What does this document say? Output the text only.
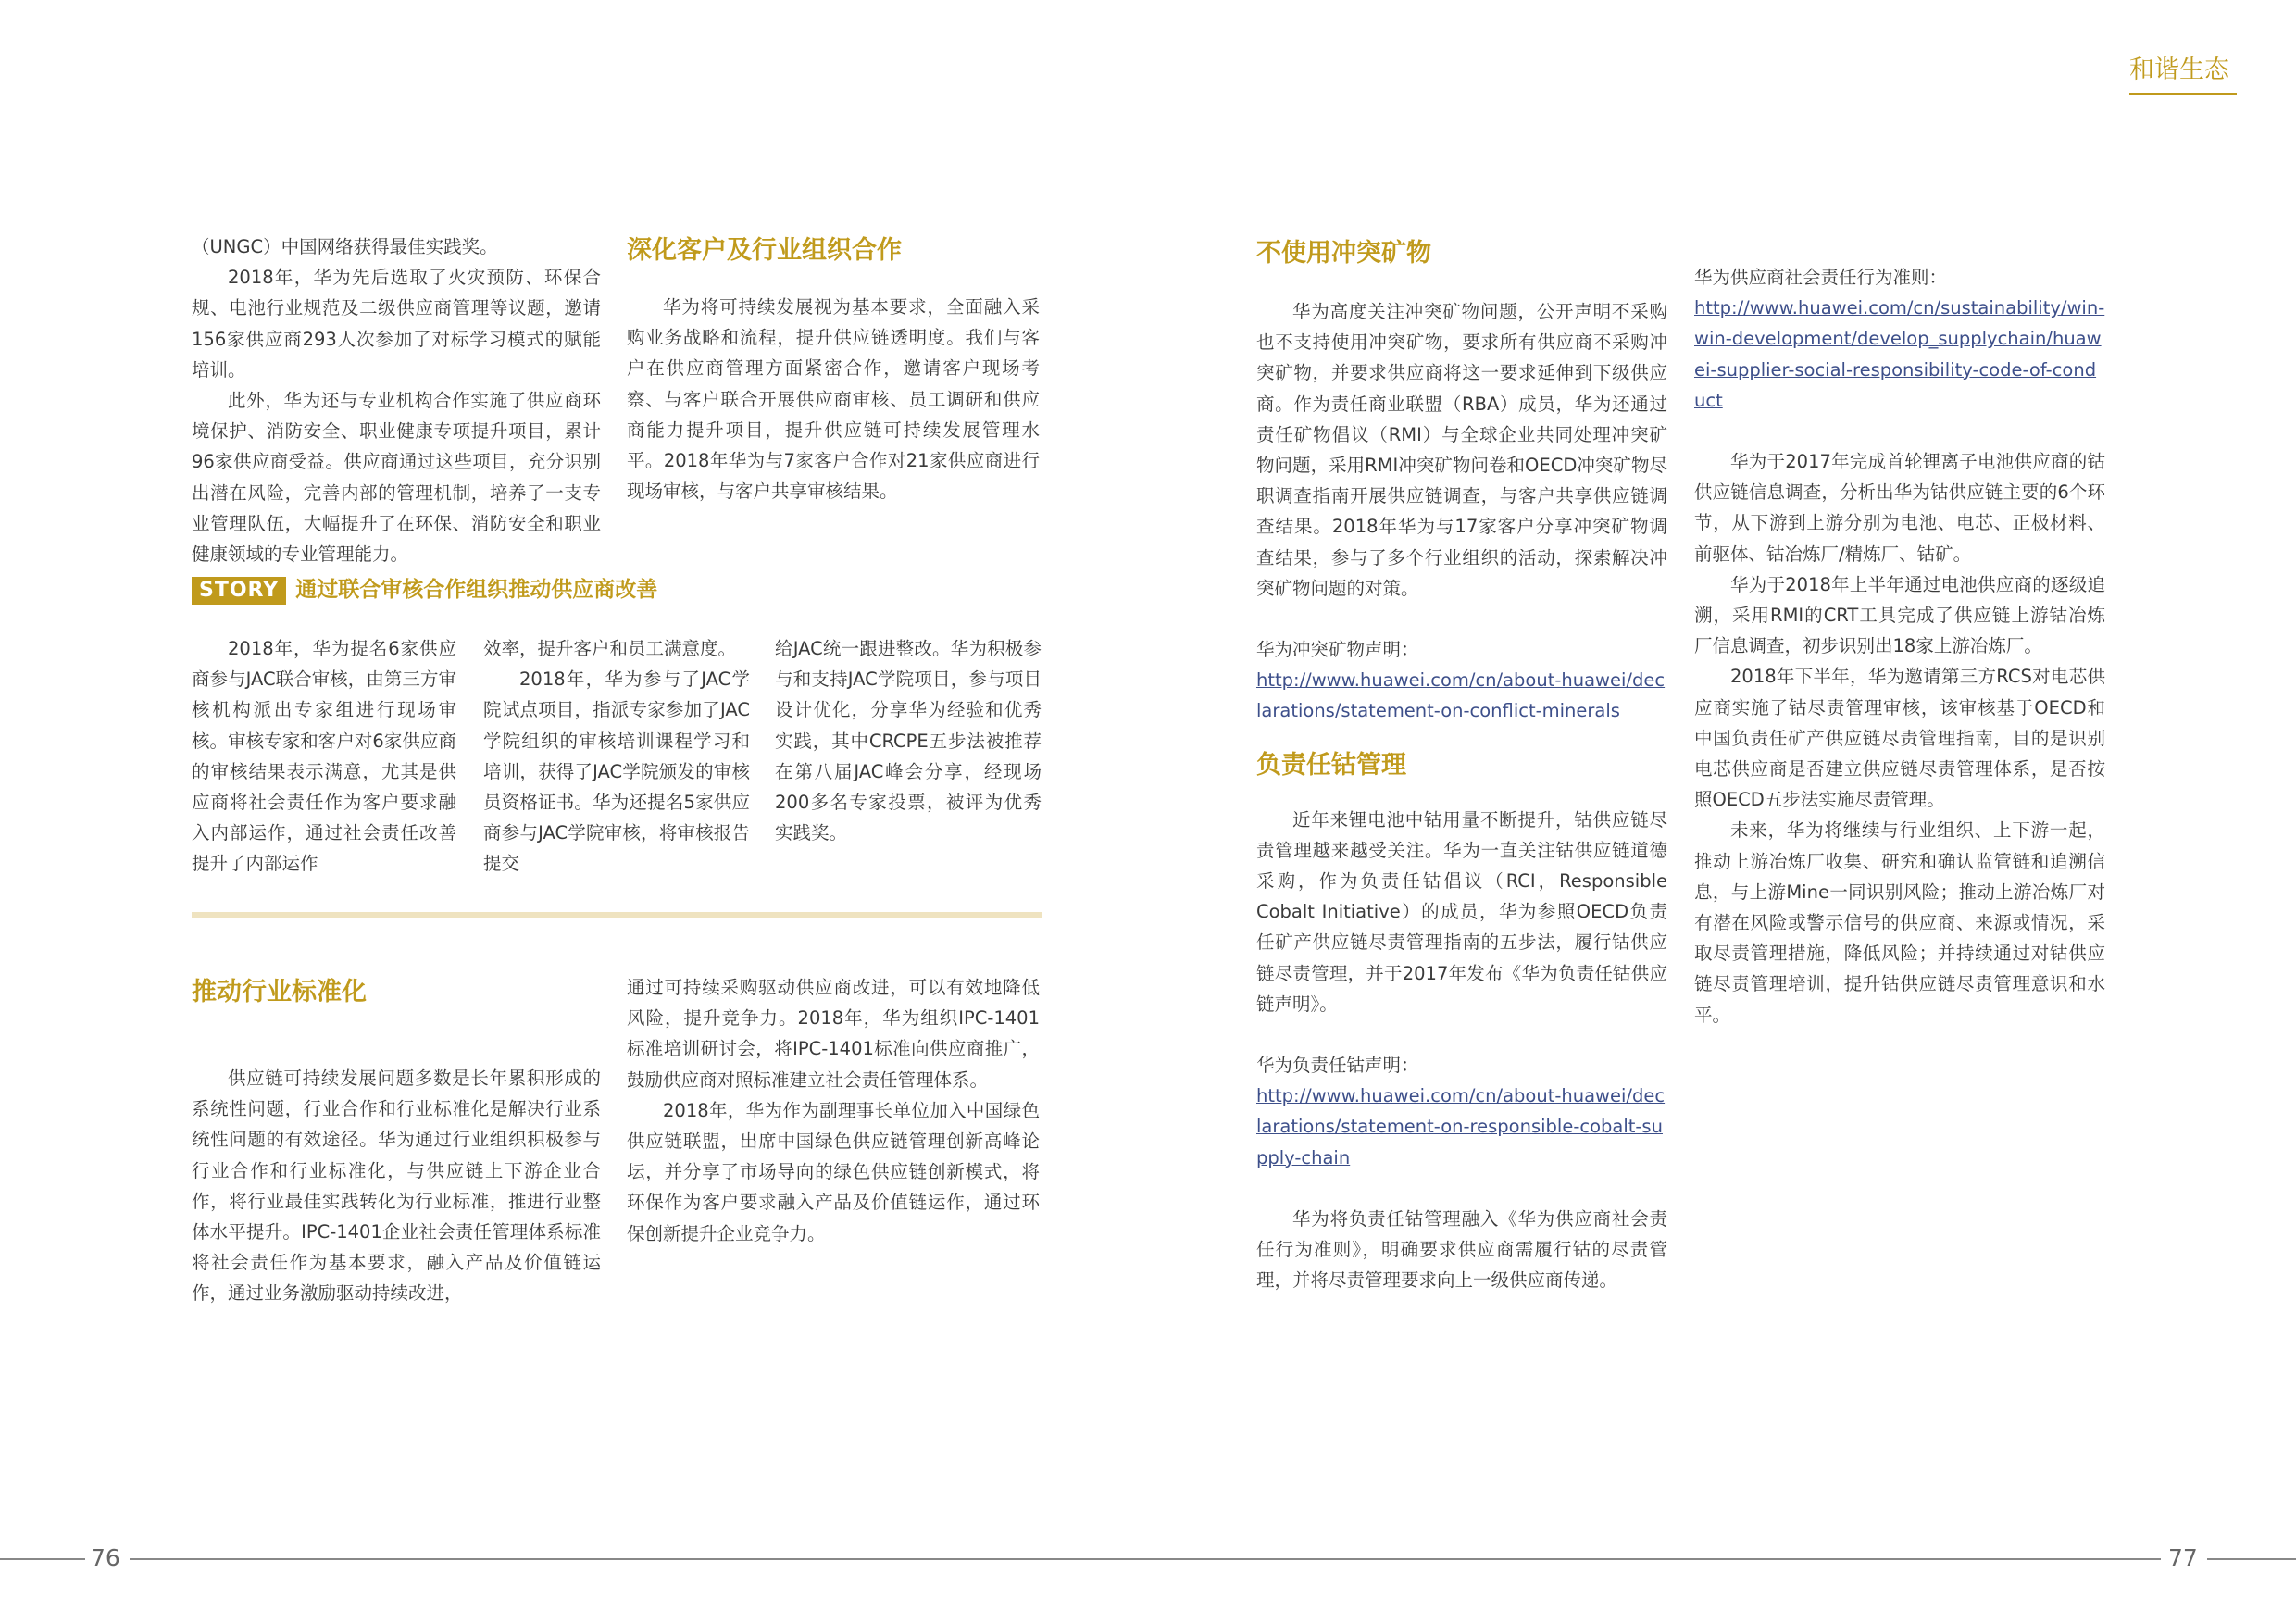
和谐生态

（UNGC）中国网络获得最佳实践奖。

2018年，华为先后选取了火灾预防、环保合规、电池行业规范及二级供应商管理等议题，邀请156家供应商293人次参加了对标学习模式的赋能培训。

此外，华为还与专业机构合作实施了供应商环境保护、消防安全、职业健康专项提升项目，累计96家供应商受益。供应商通过这些项目，充分识别出潜在风险，完善内部的管理机制，培养了一支专业管理队伍，大幅提升了在环保、消防安全和职业健康领域的专业管理能力。

深化客户及行业组织合作

华为将可持续发展视为基本要求，全面融入采购业务战略和流程，提升供应链透明度。我们与客户在供应商管理方面紧密合作，邀请客户现场考察、与客户联合开展供应商审核、员工调研和供应商能力提升项目，提升供应链可持续发展管理水平。2018年华为与7家客户合作对21家供应商进行现场审核，与客户共享审核结果。

STORY 通过联合审核合作组织推动供应商改善

2018年，华为提名6家供应商参与JAC联合审核，由第三方审核机构派出专家组进行现场审核。审核专家和客户对6家供应商的审核结果表示满意，尤其是供应商将社会责任作为客户要求融入内部运作，通过社会责任改善提升了内部运作

效率，提升客户和员工满意度。

2018年，华为参与了JAC学院试点项目，指派专家参加了JAC学院组织的审核培训课程学习和培训，获得了JAC学院颁发的审核员资格证书。华为还提名5家供应商参与JAC学院审核，将审核报告提交

给JAC统一跟进整改。华为积极参与和支持JAC学院项目，参与项目设计优化，分享华为经验和优秀实践，其中CRCPE五步法被推荐在第八届JAC峰会分享，经现场200多名专家投票，被评为优秀实践奖。

推动行业标准化

供应链可持续发展问题多数是长年累积形成的系统性问题，行业合作和行业标准化是解决行业系统性问题的有效途径。华为通过行业组织积极参与行业合作和行业标准化，与供应链上下游企业合作，将行业最佳实践转化为行业标准，推进行业整体水平提升。IPC-1401企业社会责任管理体系标准将社会责任作为基本要求，融入产品及价值链运作，通过业务激励驱动持续改进，

通过可持续采购驱动供应商改进，可以有效地降低风险，提升竞争力。2018年，华为组织IPC-1401标准培训研讨会，将IPC-1401标准向供应商推广，鼓励供应商对照标准建立社会责任管理体系。

2018年，华为作为副理事长单位加入中国绿色供应链联盟，出席中国绿色供应链管理创新高峰论坛，并分享了市场导向的绿色供应链创新模式，将环保作为客户要求融入产品及价值链运作，通过环保创新提升企业竞争力。

不使用冲突矿物

华为高度关注冲突矿物问题，公开声明不采购也不支持使用冲突矿物，要求所有供应商不采购冲突矿物，并要求供应商将这一要求延伸到下级供应商。作为责任商业联盟（RBA）成员，华为还通过责任矿物倡议（RMI）与全球企业共同处理冲突矿物问题，采用RMI冲突矿物问卷和OECD冲突矿物尽职调查指南开展供应链调查，与客户共享供应链调查结果。2018年华为与17家客户分享冲突矿物调查结果，参与了多个行业组织的活动，探索解决冲突矿物问题的对策。

华为冲突矿物声明：

http://www.huawei.com/cn/about-huawei/declarations/statement-on-conflict-minerals

负责任钴管理

近年来锂电池中钴用量不断提升，钴供应链尽责管理越来越受关注。华为一直关注钴供应链道德采购，作为负责任钴倡议（RCI，Responsible Cobalt Initiative）的成员，华为参照OECD负责任矿产供应链尽责管理指南的五步法，履行钴供应链尽责管理，并于2017年发布《华为负责任钴供应链声明》。

华为负责任钴声明：

http://www.huawei.com/cn/about-huawei/declarations/statement-on-responsible-cobalt-supply-chain

华为将负责任钴管理融入《华为供应商社会责任行为准则》，明确要求供应商需履行钴的尽责管理，并将尽责管理要求向上一级供应商传递。

华为供应商社会责任行为准则：

http://www.huawei.com/cn/sustainability/win-win-development/develop_supplychain/huawei-supplier-social-responsibility-code-of-conduct

华为于2017年完成首轮锂离子电池供应商的钴供应链信息调查，分析出华为钴供应链主要的6个环节，从下游到上游分别为电池、电芯、正极材料、前驱体、钴冶炼厂/精炼厂、钴矿。

华为于2018年上半年通过电池供应商的逐级追溯，采用RMI的CRT工具完成了供应链上游钴冶炼厂信息调查，初步识别出18家上游冶炼厂。

2018年下半年，华为邀请第三方RCS对电芯供应商实施了钴尽责管理审核，该审核基于OECD和中国负责任矿产供应链尽责管理指南，目的是识别电芯供应商是否建立供应链尽责管理体系，是否按照OECD五步法实施尽责管理。

未来，华为将继续与行业组织、上下游一起，推动上游冶炼厂收集、研究和确认监管链和追溯信息，与上游Mine一同识别风险；推动上游冶炼厂对有潜在风险或警示信号的供应商、来源或情况，采取尽责管理措施，降低风险；并持续通过对钴供应链尽责管理培训，提升钴供应链尽责管理意识和水平。

76	77
